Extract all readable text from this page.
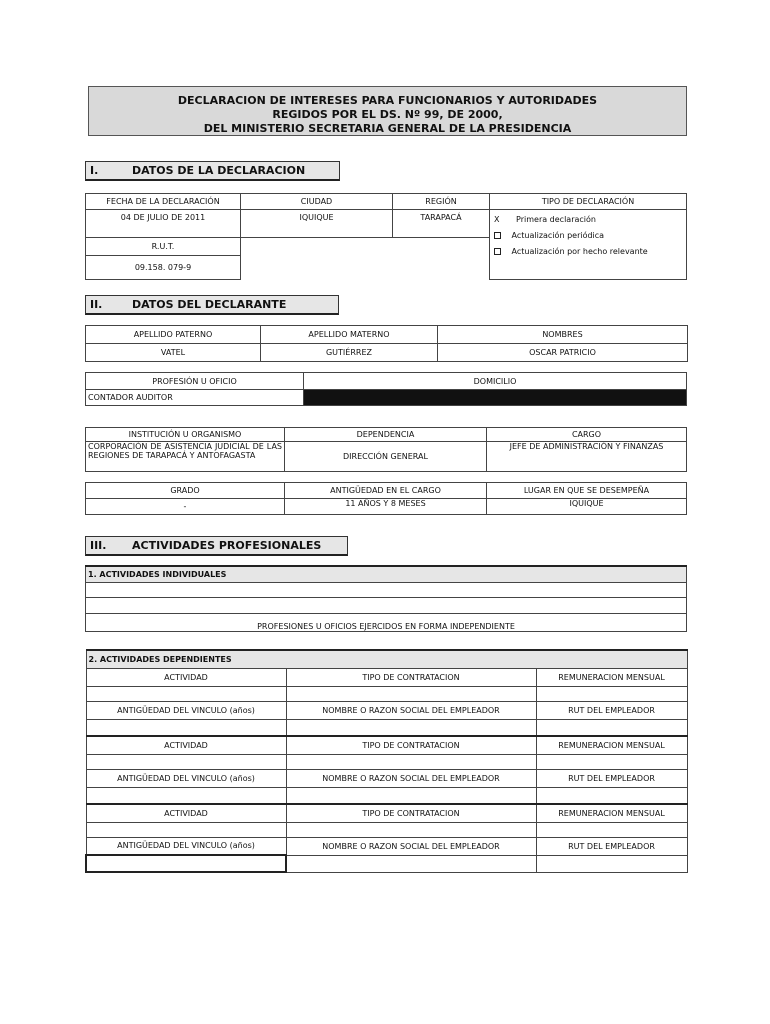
DECLARACION DE INTERESES PARA FUNCIONARIOS Y AUTORIDADES
REGIDOS POR EL DS. Nº 99, DE 2000,
DEL MINISTERIO SECRETARIA GENERAL DE LA PRESIDENCIA
I.	DATOS DE LA DECLARACION
FECHA DE LA DECLARACIÓN	CIUDAD	REGIÓN	TIPO DE DECLARACIÓN
04 DE JULIO DE 2011	IQUIQUE	TARAPACÁ	
R.U.T.			
09.158. 079-9			
X Primera declaración
Actualización periódica
Actualización por hecho relevante
II.	DATOS DEL DECLARANTE
APELLIDO PATERNO	APELLIDO MATERNO	NOMBRES
VATEL	GUTIÉRREZ	OSCAR PATRICIO
PROFESIÓN U OFICIO	DOMICILIO
CONTADOR AUDITOR	
INSTITUCIÓN U ORGANISMO	DEPENDENCIA	CARGO
CORPORACIÓN DE ASISTENCIA JUDICIAL DE LAS REGIONES DE TARAPACÁ Y ANTOFAGASTA	DIRECCIÓN GENERAL	JEFE DE ADMINISTRACIÓN Y FINANZAS
GRADO	ANTIGÜEDAD EN EL CARGO	LUGAR EN QUE SE DESEMPEÑA
-	11 AÑOS Y 8 MESES	IQUIQUE
III. ACTIVIDADES PROFESIONALES
1. ACTIVIDADES INDIVIDUALES

PROFESIONES U OFICIOS EJERCIDOS EN FORMA INDEPENDIENTE
2. ACTIVIDADES DEPENDIENTES		
ACTIVIDAD	TIPO DE CONTRATACION	REMUNERACION MENSUAL

ANTIGÜEDAD DEL VINCULO (años)	NOMBRE O RAZON SOCIAL DEL EMPLEADOR	RUT DEL EMPLEADOR

ACTIVIDAD	TIPO DE CONTRATACION	REMUNERACION MENSUAL

ANTIGÜEDAD DEL VINCULO (años)	NOMBRE O RAZON SOCIAL DEL EMPLEADOR	RUT DEL EMPLEADOR

ACTIVIDAD	TIPO DE CONTRATACION	REMUNERACION MENSUAL

ANTIGÜEDAD DEL VINCULO (años)	NOMBRE O RAZON SOCIAL DEL EMPLEADOR	RUT DEL EMPLEADOR
